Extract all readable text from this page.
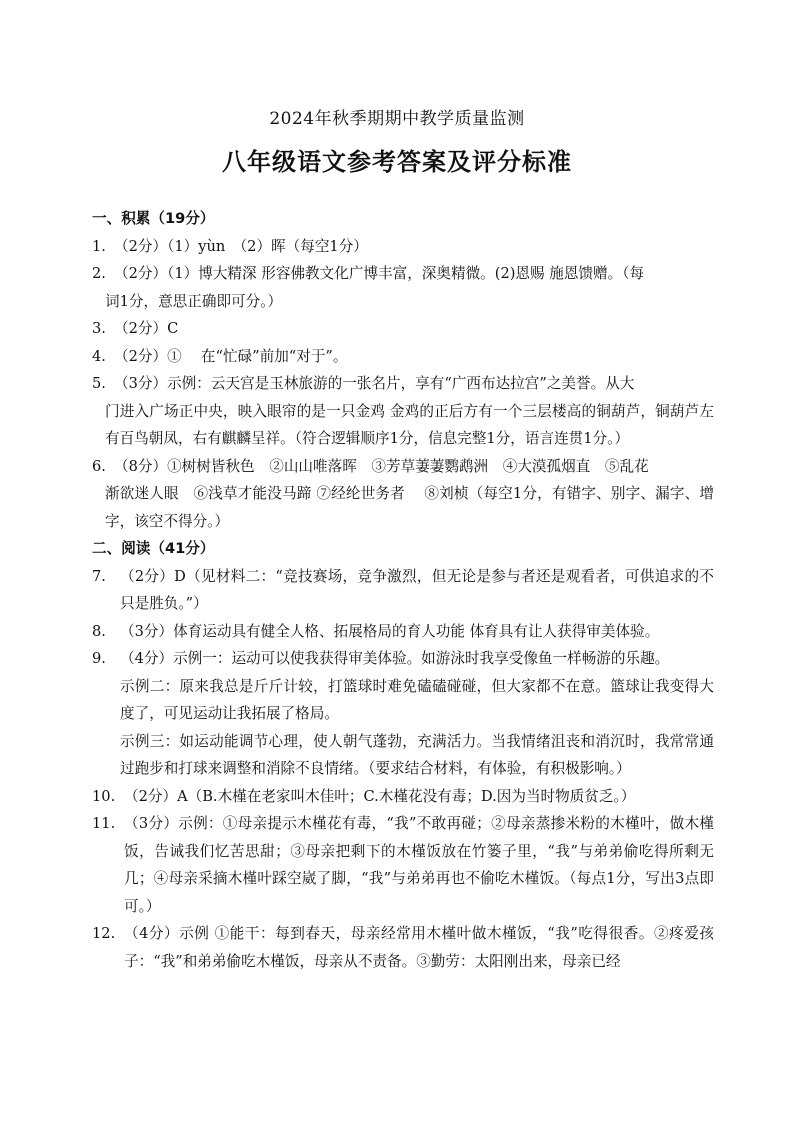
2024年秋季期期中教学质量监测
八年级语文参考答案及评分标准
一、积累（19分）
1. （2分）（1）yùn　（2）晖（每空1分）
2. （2分）（1）博大精深 形容佛教文化广博丰富，深奥精微。(2)恩赐 施恩馈赠。（每
词1分，意思正确即可分。）
3. （2分）C
4. （2分）①　 在“忙碌”前加“对于”。
5. （3分）示例：云天宫是玉林旅游的一张名片，享有“广西布达拉宫”之美誉。从大
门进入广场正中央，映入眼帘的是一只金鸡 金鸡的正后方有一个三层楼高的铜葫芦，铜葫芦左有百鸟朝凤，右有麒麟呈祥。（符合逻辑顺序1分，信息完整1分，语言连贯1分。）
6. （8分）①树树皆秋色　②山山唯落晖　③芳草萋萋鹦鹉洲　④大漠孤烟直　⑤乱花
渐欲迷人眼　⑥浅草才能没马蹄 ⑦经纶世务者　 ⑧刘桢（每空1分，有错字、别字、漏字、增字，该空不得分。）
二、阅读（41分）
7. （2分）D（见材料二：“竞技赛场，竞争激烈，但无论是参与者还是观看者，可供追求的不只是胜负。”）
8. （3分）体育运动具有健全人格、拓展格局的育人功能 体育具有让人获得审美体验。
9. （4分）示例一：运动可以使我获得审美体验。如游泳时我享受像鱼一样畅游的乐趣。
示例二：原来我总是斤斤计较，打篮球时难免磕磕碰碰，但大家都不在意。篮球让我变得大度了，可见运动让我拓展了格局。
示例三：如运动能调节心理，使人朝气蓬勃，充满活力。当我情绪沮丧和消沉时，我常常通过跑步和打球来调整和消除不良情绪。（要求结合材料，有体验，有积极影响。）
10. （2分）A（B.木槿在老家叫木佳叶；C.木槿花没有毒；D.因为当时物质贫乏。）
11. （3分）示例：①母亲提示木槿花有毒，“我”不敢再碰；②母亲蒸掺米粉的木槿叶，做木槿饭，告诫我们忆苦思甜；③母亲把剩下的木槿饭放在竹篓子里，“我”与弟弟偷吃得所剩无几；④母亲采摘木槿叶踩空崴了脚，“我”与弟弟再也不偷吃木槿饭。（每点1分，写出3点即可。）
12. （4分）示例 ①能干：每到春天，母亲经常用木槿叶做木槿饭，“我”吃得很香。②疼爱孩子：“我”和弟弟偷吃木槿饭，母亲从不责备。③勤劳：太阳刚出来，母亲已经
